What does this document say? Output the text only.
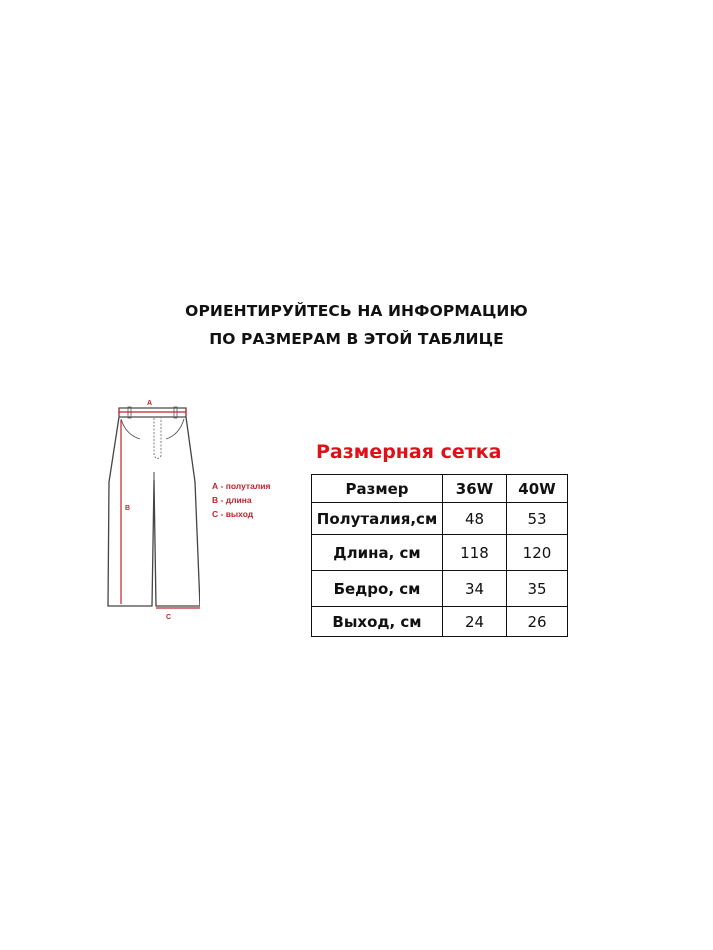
ОРИЕНТИРУЙТЕСЬ НА ИНФОРМАЦИЮ
ПО РАЗМЕРАМ В ЭТОЙ ТАБЛИЦЕ
A
B
C
А - полуталия
В - длина
С - выход
Размерная сетка
Размер	36W	40W
Полуталия,см	48	53
Длина, см	118	120
Бедро, см	34	35
Выход, см	24	26
